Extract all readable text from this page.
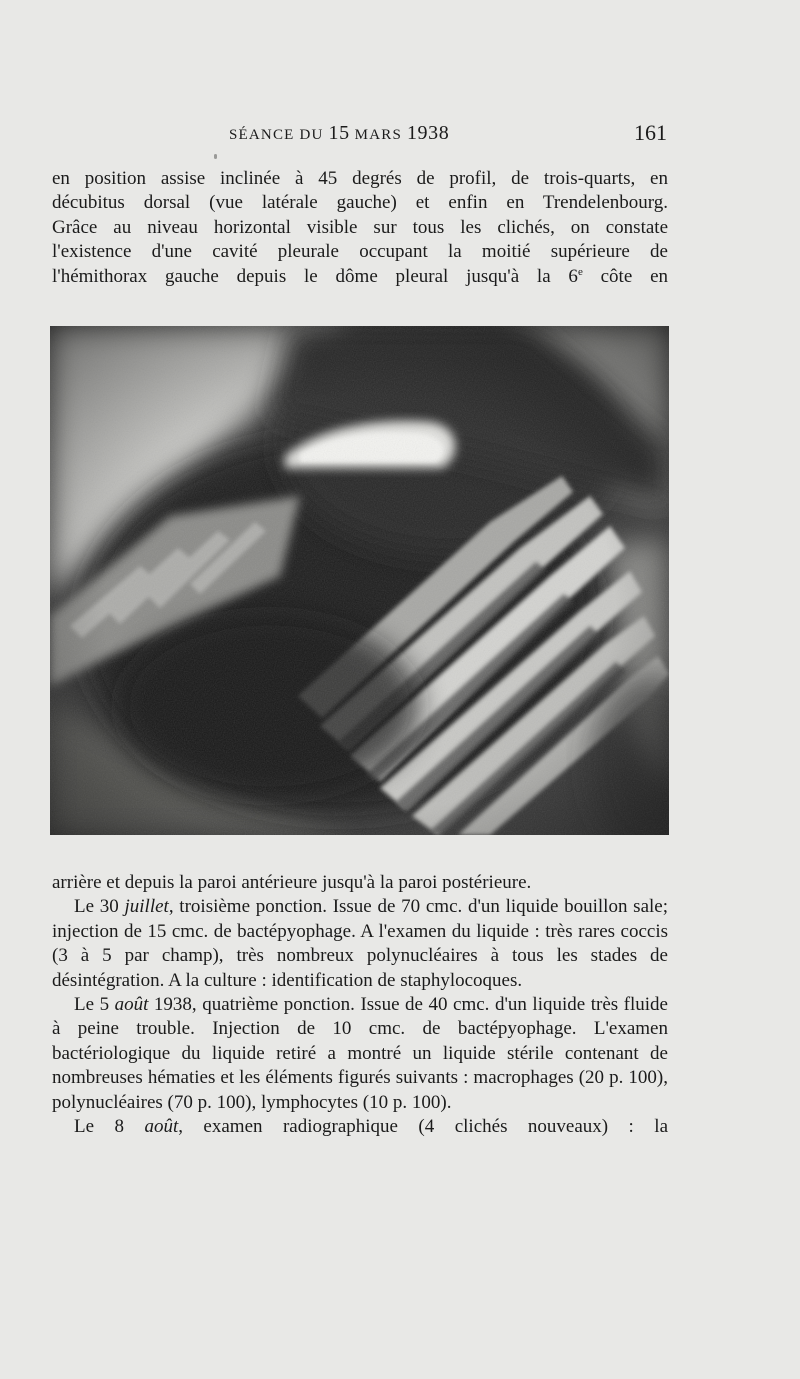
SÉANCE DU 15 MARS 1938	161

en position assise inclinée à 45 degrés de profil, de trois-quarts, en

décubitus dorsal (vue latérale gauche) et enfin en Trendelenbourg.

Grâce au niveau horizontal visible sur tous les clichés, on constate

l'existence d'une cavité pleurale occupant la moitié supérieure de

l'hémithorax gauche depuis le dôme pleural jusqu'à la 6e côte en

arrière et depuis la paroi antérieure jusqu'à la paroi postérieure.

Le 30 juillet, troisième ponction. Issue de 70 cmc. d'un liquide bouillon sale; injection de 15 cmc. de bactépyophage. A l'examen du liquide : très rares coccis (3 à 5 par champ), très nombreux polynucléaires à tous les stades de désintégration. A la culture : identification de staphylocoques.

Le 5 août 1938, quatrième ponction. Issue de 40 cmc. d'un liquide très fluide à peine trouble. Injection de 10 cmc. de bactépyophage. L'examen bactériologique du liquide retiré a montré un liquide stérile contenant de nombreuses hématies et les éléments figurés suivants : macrophages (20 p. 100), polynucléaires (70 p. 100), lymphocytes (10 p. 100).

Le 8 août, examen radiographique (4 clichés nouveaux) : la
